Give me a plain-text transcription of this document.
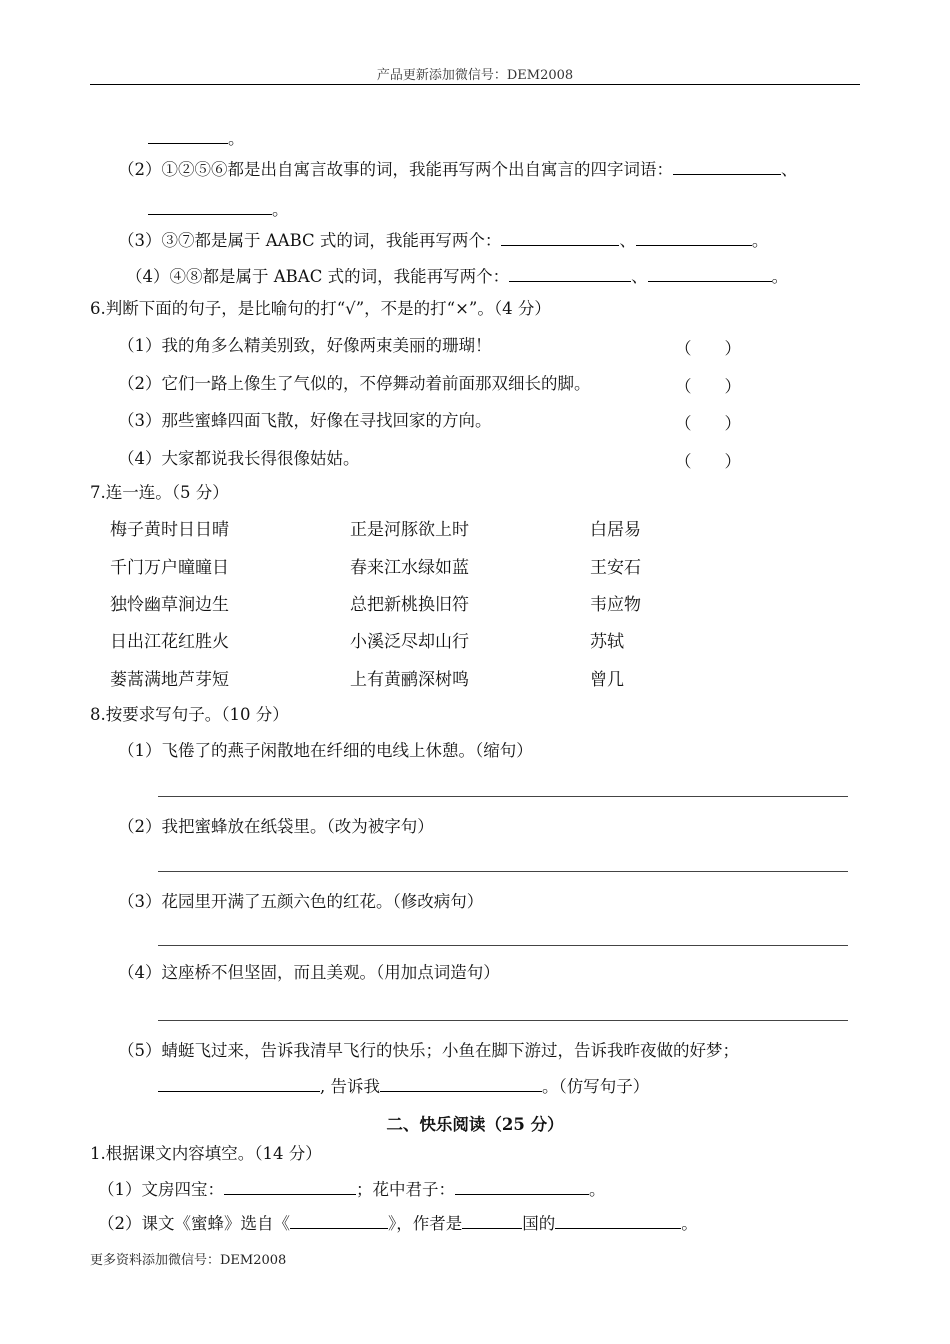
产品更新添加微信号：DEM2008
。
（2）①②⑤⑥都是出自寓言故事的词，我能再写两个出自寓言的四字词语：	、
。
（3）③⑦都是属于 AABC 式的词，我能再写两个：	、	。
（4）④⑧都是属于 ABAC 式的词，我能再写两个：	、	。
6.判断下面的句子，是比喻句的打“√”，不是的打“×”。（4 分）
（1）我的角多么精美别致，好像两束美丽的珊瑚！	（　　）
（2）它们一路上像生了气似的，不停舞动着前面那双细长的脚。	（　　）
（3）那些蜜蜂四面飞散，好像在寻找回家的方向。	（　　）
（4）大家都说我长得很像姑姑。	（　　）
7.连一连。（5 分）
梅子黄时日日晴	正是河豚欲上时	白居易
千门万户曈曈日	春来江水绿如蓝	王安石
独怜幽草涧边生	总把新桃换旧符	韦应物
日出江花红胜火	小溪泛尽却山行	苏轼
蒌蒿满地芦芽短	上有黄鹂深树鸣	曾几
8.按要求写句子。（10 分）
（1）飞倦了的燕子闲散地在纤细的电线上休憩。（缩句）
（2）我把蜜蜂放在纸袋里。（改为被字句）
（3）花园里开满了五颜六色的红花。（修改病句）
（4）这座桥不但坚固，而且美观。（用加点词造句）
（5）蜻蜓飞过来，告诉我清早飞行的快乐；小鱼在脚下游过，告诉我昨夜做的好梦；
, 告诉我	。（仿写句子）
二、快乐阅读（25 分）
1.根据课文内容填空。（14 分）
（1）文房四宝：	；花中君子：	。
（2）课文《蜜蜂》选自《	》，作者是	国的	。
更多资料添加微信号：DEM2008
